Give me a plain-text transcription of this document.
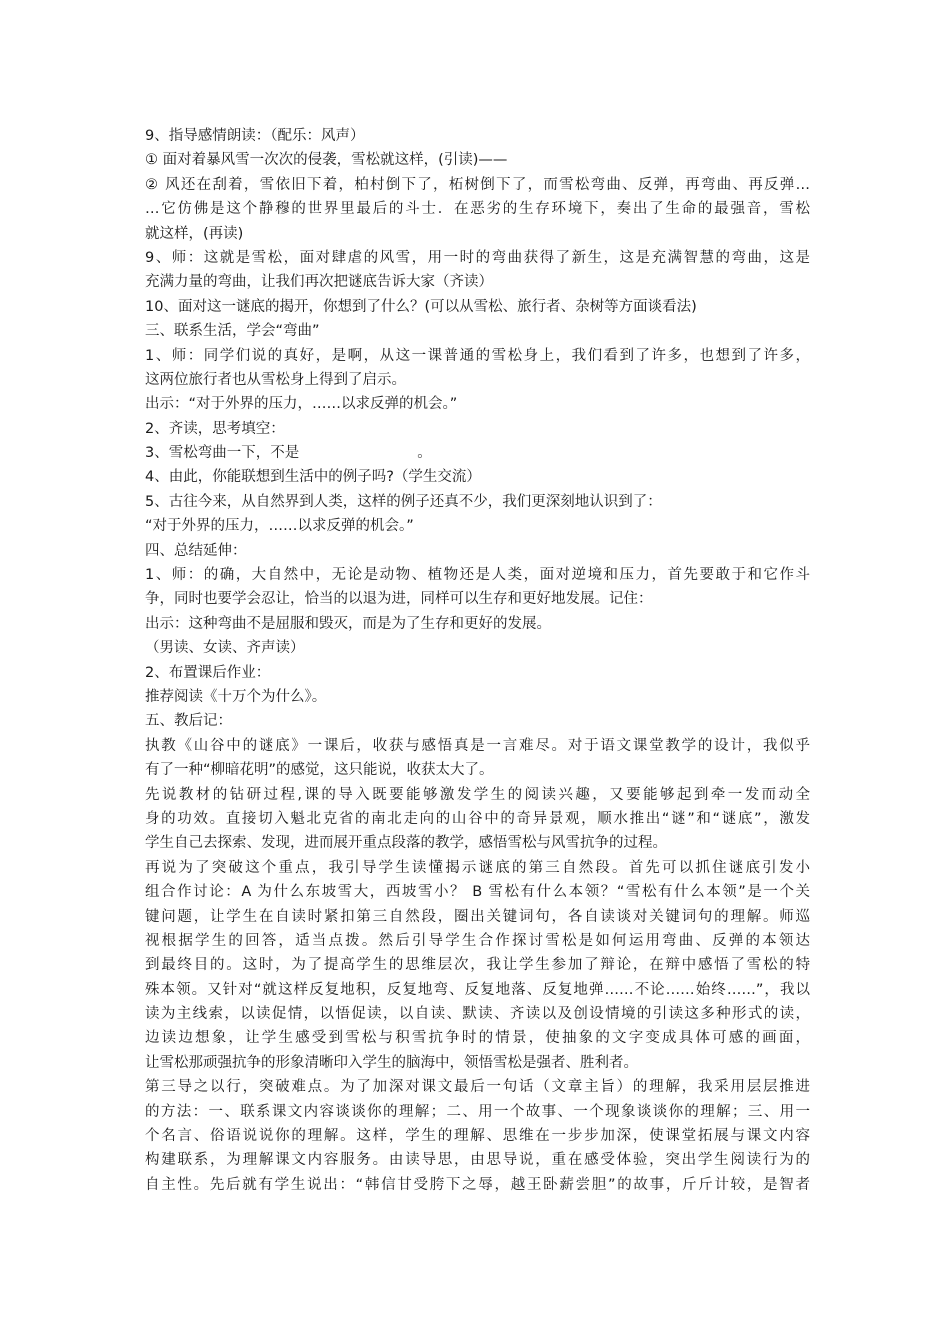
9、指导感情朗读：（配乐：风声）
① 面对着暴风雪一次次的侵袭，雪松就这样，(引读)——
② 风还在刮着，雪依旧下着，柏村倒下了，柘树倒下了，而雪松弯曲、反弹，再弯曲、再反弹…
…它仿佛是这个静穆的世界里最后的斗士．在恶劣的生存环境下，奏出了生命的最强音，雪松
就这样，(再读)
9、师：这就是雪松，面对肆虐的风雪，用一时的弯曲获得了新生，这是充满智慧的弯曲，这是
充满力量的弯曲，让我们再次把谜底告诉大家（齐读）
10、面对这一谜底的揭开，你想到了什么？(可以从雪松、旅行者、杂树等方面谈看法)
三、联系生活，学会“弯曲”
1、师：同学们说的真好，是啊，从这一课普通的雪松身上，我们看到了许多，也想到了许多，
这两位旅行者也从雪松身上得到了启示。
出示：“对于外界的压力，……以求反弹的机会。”
2、齐读，思考填空：
3、雪松弯曲一下，不是	。
4、由此，你能联想到生活中的例子吗?（学生交流）
5、古往今来，从自然界到人类，这样的例子还真不少，我们更深刻地认识到了：
“对于外界的压力，……以求反弹的机会。”
四、总结延伸：
1、师：的确，大自然中，无论是动物、植物还是人类，面对逆境和压力，首先要敢于和它作斗
争，同时也要学会忍让，恰当的以退为进，同样可以生存和更好地发展。记住：
出示：这种弯曲不是屈服和毁灭，而是为了生存和更好的发展。
（男读、女读、齐声读）
2、布置课后作业：
推荐阅读《十万个为什么》。
五、教后记：
执教《山谷中的谜底》一课后，收获与感悟真是一言难尽。对于语文课堂教学的设计，我似乎
有了一种“柳暗花明”的感觉，这只能说，收获太大了。
先说教材的钻研过程,课的导入既要能够激发学生的阅读兴趣，又要能够起到牵一发而动全
身的功效。直接切入魁北克省的南北走向的山谷中的奇异景观，顺水推出“谜”和“谜底”，激发
学生自己去探索、发现，进而展开重点段落的教学，感悟雪松与风雪抗争的过程。
再说为了突破这个重点，我引导学生读懂揭示谜底的第三自然段。首先可以抓住谜底引发小
组合作讨论：A 为什么东坡雪大，西坡雪小？ B 雪松有什么本领？“雪松有什么本领”是一个关
键问题，让学生在自读时紧扣第三自然段，圈出关键词句，各自读谈对关键词句的理解。师巡
视根据学生的回答，适当点拨。然后引导学生合作探讨雪松是如何运用弯曲、反弹的本领达
到最终目的。这时，为了提高学生的思维层次，我让学生参加了辩论，在辩中感悟了雪松的特
殊本领。又针对“就这样反复地积，反复地弯、反复地落、反复地弹……不论……始终……”，我以
读为主线索，以读促情，以悟促读，以自读、默读、齐读以及创设情境的引读这多种形式的读，
边读边想象，让学生感受到雪松与积雪抗争时的情景，使抽象的文字变成具体可感的画面，
让雪松那顽强抗争的形象清晰印入学生的脑海中，领悟雪松是强者、胜利者。
第三导之以行，突破难点。为了加深对课文最后一句话（文章主旨）的理解，我采用层层推进
的方法：一、联系课文内容谈谈你的理解；二、用一个故事、一个现象谈谈你的理解；三、用一
个名言、俗语说说你的理解。这样，学生的理解、思维在一步步加深，使课堂拓展与课文内容
构建联系，为理解课文内容服务。由读导思，由思导说，重在感受体验，突出学生阅读行为的
自主性。先后就有学生说出：“韩信甘受胯下之辱，越王卧薪尝胆”的故事，斤斤计较，是智者
